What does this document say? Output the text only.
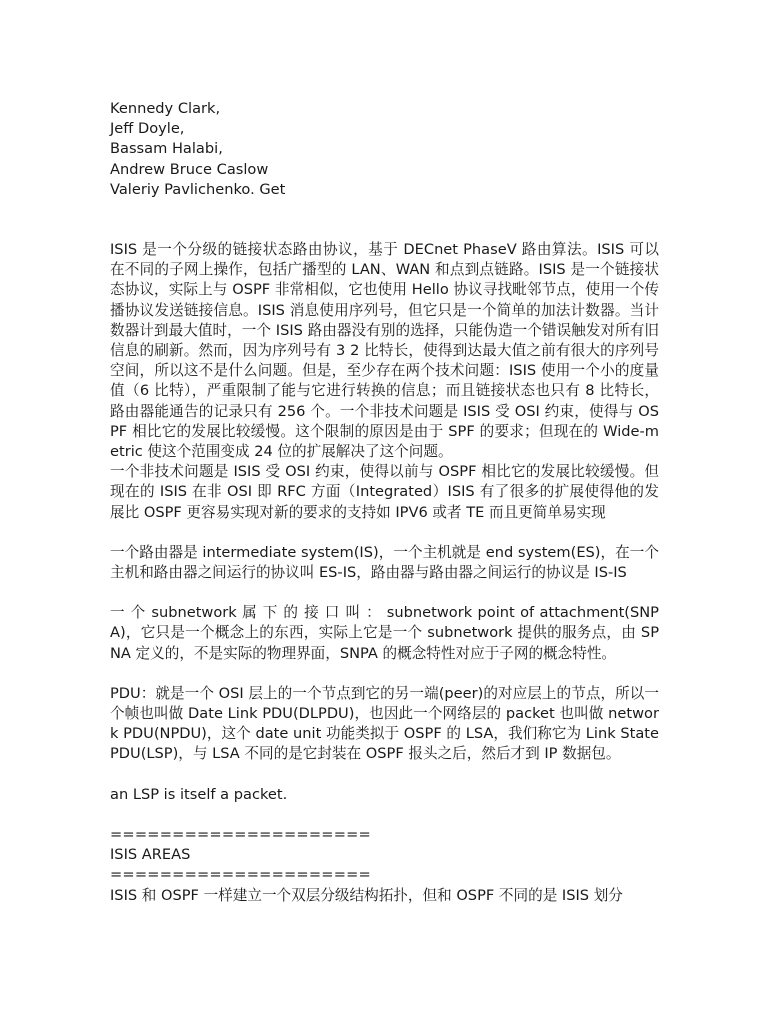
Kennedy Clark,
Jeff Doyle,
Bassam Halabi,
Andrew Bruce Caslow
Valeriy Pavlichenko. Get

ISIS 是一个分级的链接状态路由协议，基于 DECnet PhaseV 路由算法。ISIS 可以在不同的子网上操作，包括广播型的 LAN、WAN 和点到点链路。ISIS 是一个链接状态协议，实际上与 OSPF 非常相似，它也使用 Hello 协议寻找毗邻节点，使用一个传播协议发送链接信息。ISIS 消息使用序列号，但它只是一个简单的加法计数器。当计数器计到最大值时，一个 ISIS 路由器没有别的选择，只能伪造一个错误触发对所有旧信息的刷新。然而，因为序列号有 3 2 比特长，使得到达最大值之前有很大的序列号空间，所以这不是什么问题。但是，至少存在两个技术问题：ISIS 使用一个小的度量值（6 比特），严重限制了能与它进行转换的信息；而且链接状态也只有 8 比特长，路由器能通告的记录只有 256 个。一个非技术问题是 ISIS 受 OSI 约束，使得与 OSPF 相比它的发展比较缓慢。这个限制的原因是由于 SPF 的要求；但现在的 Wide-metric 使这个范围变成 24 位的扩展解决了这个问题。

一个非技术问题是 ISIS 受 OSI 约束，使得以前与 OSPF 相比它的发展比较缓慢。但现在的 ISIS 在非 OSI 即 RFC 方面（Integrated）ISIS 有了很多的扩展使得他的发展比 OSPF 更容易实现对新的要求的支持如 IPV6 或者 TE 而且更简单易实现

一个路由器是 intermediate system(IS)，一个主机就是 end system(ES)，在一个主机和路由器之间运行的协议叫 ES-IS，路由器与路由器之间运行的协议是 IS-IS

一 个 subnetwork 属 下 的 接 口 叫 ： subnetwork point of attachment(SNPA)，它只是一个概念上的东西，实际上它是一个 subnetwork 提供的服务点，由 SPNA 定义的，不是实际的物理界面，SNPA 的概念特性对应于子网的概念特性。

PDU：就是一个 OSI 层上的一个节点到它的另一端(peer)的对应层上的节点，所以一个帧也叫做 Date Link PDU(DLPDU)，也因此一个网络层的 packet 也叫做 network PDU(NPDU)，这个 date unit 功能类拟于 OSPF 的 LSA，我们称它为 Link State PDU(LSP)，与 LSA 不同的是它封装在 OSPF 报头之后，然后才到 IP 数据包。

an LSP is itself a packet.

=====================

ISIS AREAS

=====================

ISIS 和 OSPF 一样建立一个双层分级结构拓扑，但和 OSPF 不同的是 ISIS 划分
